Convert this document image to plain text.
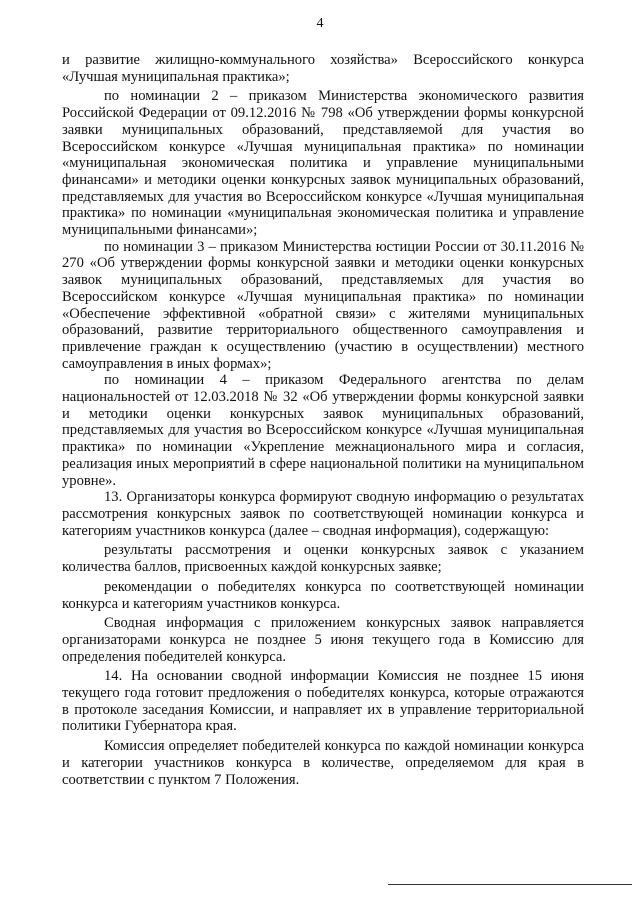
4

и развитие жилищно-коммунального хозяйства» Всероссийского конкурса «Лучшая муниципальная практика»;

по номинации 2 – приказом Министерства экономического развития Российской Федерации от 09.12.2016 № 798 «Об утверждении формы конкурсной заявки муниципальных образований, представляемой для участия во Всероссийском конкурсе «Лучшая муниципальная практика» по номинации «муниципальная экономическая политика и управление муниципальными финансами» и методики оценки конкурсных заявок муниципальных образований, представляемых для участия во Всероссийском конкурсе «Лучшая муниципальная практика» по номинации «муниципальная экономическая политика и управление муниципальными финансами»;

по номинации 3 – приказом Министерства юстиции России от 30.11.2016 № 270 «Об утверждении формы конкурсной заявки и методики оценки конкурсных заявок муниципальных образований, представляемых для участия во Всероссийском конкурсе «Лучшая муниципальная практика» по номинации «Обеспечение эффективной «обратной связи» с жителями муниципальных образований, развитие территориального общественного самоуправления и привлечение граждан к осуществлению (участию в осуществлении) местного самоуправления в иных формах»;

по номинации 4 – приказом Федерального агентства по делам национальностей от 12.03.2018 № 32 «Об утверждении формы конкурсной заявки и методики оценки конкурсных заявок муниципальных образований, представляемых для участия во Всероссийском конкурсе «Лучшая муниципальная практика» по номинации «Укрепление межнационального мира и согласия, реализация иных мероприятий в сфере национальной политики на муниципальном уровне».

13. Организаторы конкурса формируют сводную информацию о результатах рассмотрения конкурсных заявок по соответствующей номинации конкурса и категориям участников конкурса (далее – сводная информация), содержащую:

результаты рассмотрения и оценки конкурсных заявок с указанием количества баллов, присвоенных каждой конкурсных заявке;

рекомендации о победителях конкурса по соответствующей номинации конкурса и категориям участников конкурса.

Сводная информация с приложением конкурсных заявок направляется организаторами конкурса не позднее 5 июня текущего года в Комиссию для определения победителей конкурса.

14. На основании сводной информации Комиссия не позднее 15 июня текущего года готовит предложения о победителях конкурса, которые отражаются в протоколе заседания Комиссии, и направляет их в управление территориальной политики Губернатора края.

Комиссия определяет победителей конкурса по каждой номинации конкурса и категории участников конкурса в количестве, определяемом для края в соответствии с пунктом 7 Положения.
